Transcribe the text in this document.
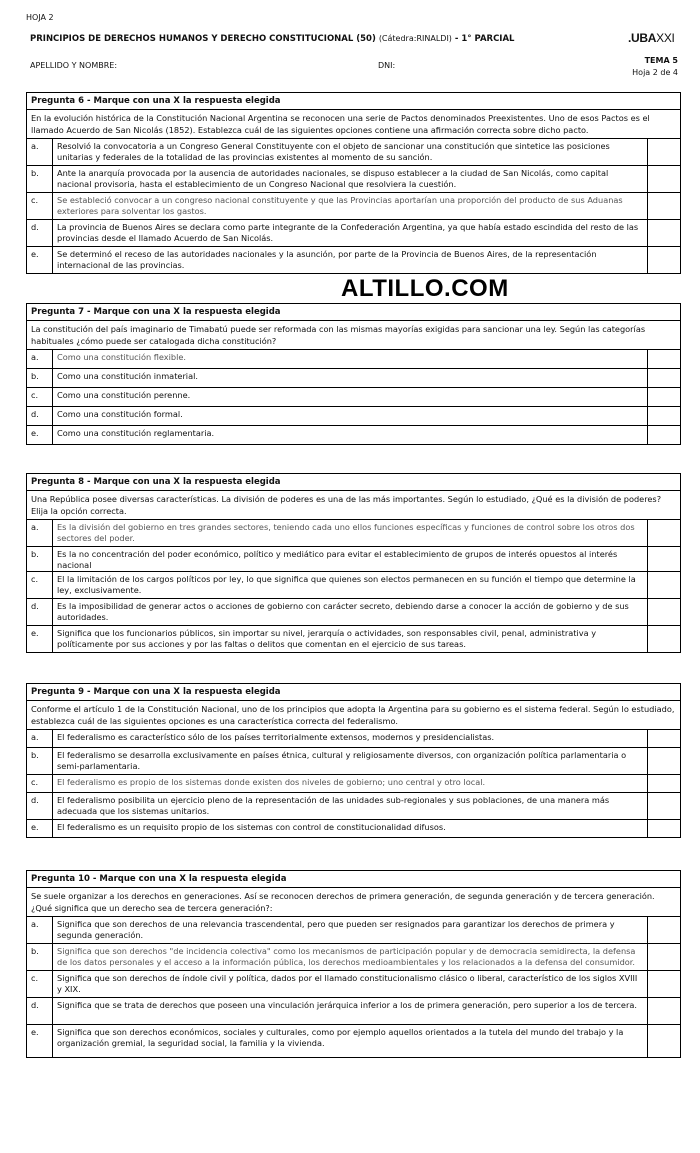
HOJA 2
PRINCIPIOS DE DERECHOS HUMANOS Y DERECHO CONSTITUCIONAL (50) (Cátedra:RINALDI) - 1° PARCIAL	.UBAXXI
APELLIDO Y NOMBRE:	DNI:
TEMA 5
Hoja 2 de 4
Pregunta 6 - Marque con una X la respuesta elegida
En la evolución histórica de la Constitución Nacional Argentina se reconocen una serie de Pactos denominados Preexistentes. Uno de esos Pactos es el llamado Acuerdo de San Nicolás (1852). Establezca cuál de las siguientes opciones contiene una afirmación correcta sobre dicho pacto.
a.	Resolvió la convocatoria a un Congreso General Constituyente con el objeto de sancionar una constitución que sintetice las posiciones unitarias y federales de la totalidad de las provincias existentes al momento de su sanción.
b.	Ante la anarquía provocada por la ausencia de autoridades nacionales, se dispuso establecer a la ciudad de San Nicolás, como capital nacional provisoria, hasta el establecimiento de un Congreso Nacional que resolviera la cuestión.
c.	Se estableció convocar a un congreso nacional constituyente y que las Provincias aportarían una proporción del producto de sus Aduanas exteriores para solventar los gastos.
d.	La provincia de Buenos Aires se declara como parte integrante de la Confederación Argentina, ya que había estado escindida del resto de las provincias desde el llamado Acuerdo de San Nicolás.
e.	Se determinó el receso de las autoridades nacionales y la asunción, por parte de la Provincia de Buenos Aires, de la representación internacional de las provincias.
ALTILLO.COM
Pregunta 7 - Marque con una X la respuesta elegida
La constitución del país imaginario de Timabatú puede ser reformada con las mismas mayorías exigidas para sancionar una ley. Según las categorías habituales ¿cómo puede ser catalogada dicha constitución?
a.	Como una constitución flexible.
b.	Como una constitución inmaterial.
c.	Como una constitución perenne.
d.	Como una constitución formal.
e.	Como una constitución reglamentaria.
Pregunta 8 - Marque con una X la respuesta elegida
Una República posee diversas características. La división de poderes es una de las más importantes. Según lo estudiado, ¿Qué es la división de poderes? Elija la opción correcta.
a.	Es la división del gobierno en tres grandes sectores, teniendo cada uno ellos funciones específicas y funciones de control sobre los otros dos sectores del poder.
b.	Es la no concentración del poder económico, político y mediático para evitar el establecimiento de grupos de interés opuestos al interés nacional
c.	El la limitación de los cargos políticos por ley, lo que significa que quienes son electos permanecen en su función el tiempo que determine la ley, exclusivamente.
d.	Es la imposibilidad de generar actos o acciones de gobierno con carácter secreto, debiendo darse a conocer la acción de gobierno y de sus autoridades.
e.	Significa que los funcionarios públicos, sin importar su nivel, jerarquía o actividades, son responsables civil, penal, administrativa y políticamente por sus acciones y por las faltas o delitos que comentan en el ejercicio de sus tareas.
Pregunta 9 - Marque con una X la respuesta elegida
Conforme el artículo 1 de la Constitución Nacional, uno de los principios que adopta la Argentina para su gobierno es el sistema federal. Según lo estudiado, establezca cuál de las siguientes opciones es una característica correcta del federalismo.
a.	El federalismo es característico sólo de los países territorialmente extensos, modernos y presidencialistas.
b.	El federalismo se desarrolla exclusivamente en países étnica, cultural y religiosamente diversos, con organización política parlamentaria o semi-parlamentaria.
c.	El federalismo es propio de los sistemas donde existen dos niveles de gobierno; uno central y otro local.
d.	El federalismo posibilita un ejercicio pleno de la representación de las unidades sub-regionales y sus poblaciones, de una manera más adecuada que los sistemas unitarios.
e.	El federalismo es un requisito propio de los sistemas con control de constitucionalidad difusos.
Pregunta 10 - Marque con una X la respuesta elegida
Se suele organizar a los derechos en generaciones. Así se reconocen derechos de primera generación, de segunda generación y de tercera generación. ¿Qué significa que un derecho sea de tercera generación?:
a.	Significa que son derechos de una relevancia trascendental, pero que pueden ser resignados para garantizar los derechos de primera y segunda generación.
b.	Significa que son derechos "de incidencia colectiva" como los mecanismos de participación popular y de democracia semidirecta, la defensa de los datos personales y el acceso a la información pública, los derechos medioambientales y los relacionados a la defensa del consumidor.
c.	Significa que son derechos de índole civil y política, dados por el llamado constitucionalismo clásico o liberal, característico de los siglos XVIII y XIX.
d.	Significa que se trata de derechos que poseen una vinculación jerárquica inferior a los de primera generación, pero superior a los de tercera.
e.	Significa que son derechos económicos, sociales y culturales, como por ejemplo aquellos orientados a la tutela del mundo del trabajo y la organización gremial, la seguridad social, la familia y la vivienda.
